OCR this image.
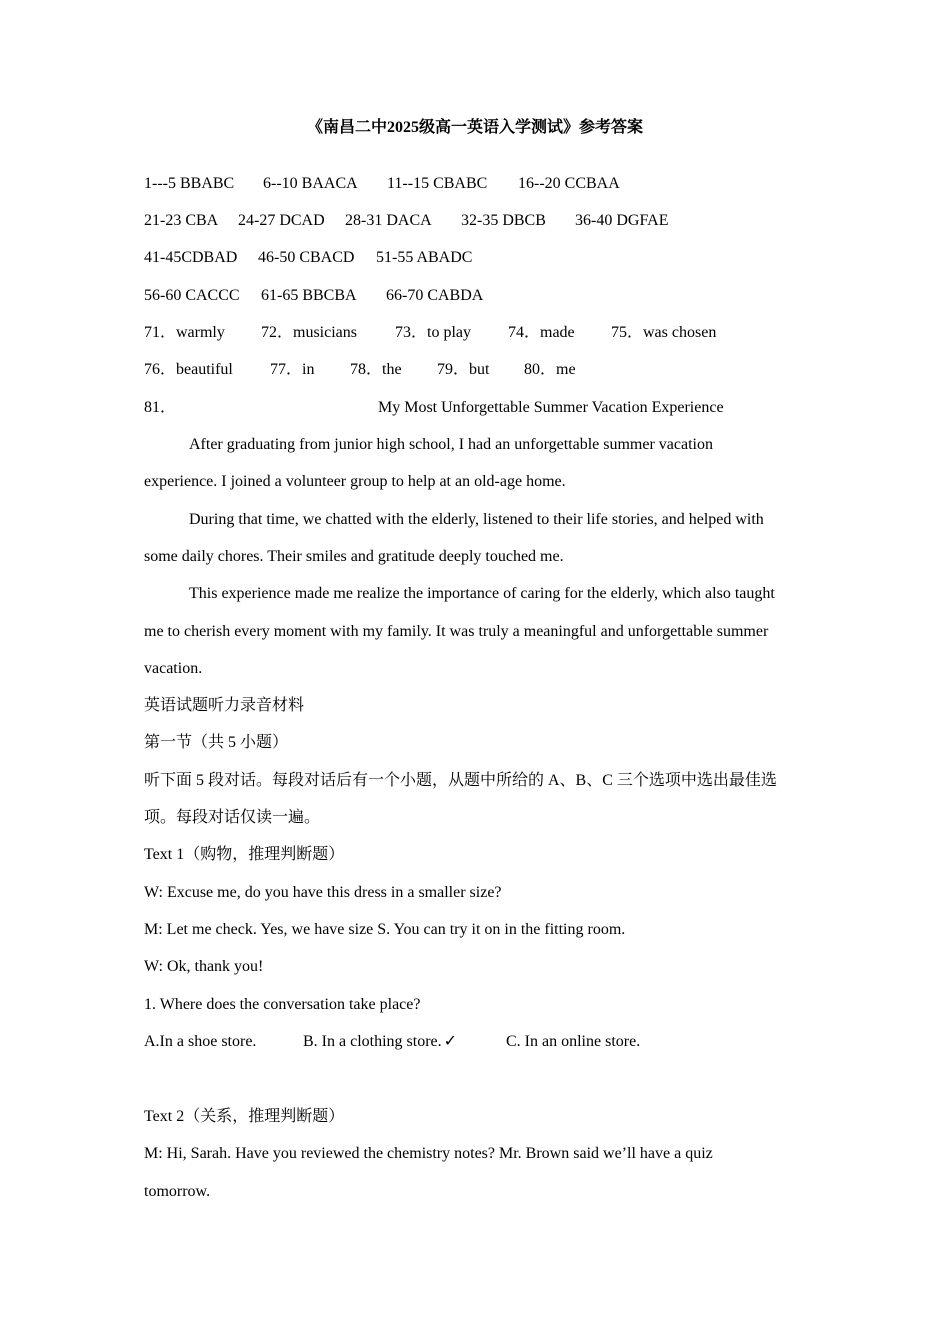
《南昌二中2025级高一英语入学测试》参考答案
1---5 BBABC 6--10 BAACA 11--15 CBABC 16--20 CCBAA
21-23 CBA 24-27 DCAD 28-31 DACA 32-35 DBCB 36-40 DGFAE
41-45CDBAD 46-50 CBACD 51-55 ABADC
56-60 CACCC 61-65 BBCBA 66-70 CABDA
71．warmly 72．musicians 73．to play 74．made 75．was chosen
76．beautiful 77．in 78．the 79．but 80．me
81．	My Most Unforgettable Summer Vacation Experience
After graduating from junior high school, I had an unforgettable summer vacation
experience. I joined a volunteer group to help at an old-age home.
During that time, we chatted with the elderly, listened to their life stories, and helped with
some daily chores. Their smiles and gratitude deeply touched me.
This experience made me realize the importance of caring for the elderly, which also taught
me to cherish every moment with my family. It was truly a meaningful and unforgettable summer
vacation.
英语试题听力录音材料
第一节（共 5 小题）
听下面 5 段对话。每段对话后有一个小题，从题中所给的 A、B、C 三个选项中选出最佳选
项。每段对话仅读一遍。
Text 1（购物，推理判断题）
W: Excuse me, do you have this dress in a smaller size?
M: Let me check. Yes, we have size S. You can try it on in the fitting room.
W: Ok, thank you!
1. Where does the conversation take place?
A.In a shoe store.	B. In a clothing store. ✓	C. In an online store.
Text 2（关系，推理判断题）
M: Hi, Sarah. Have you reviewed the chemistry notes? Mr. Brown said we’ll have a quiz
tomorrow.
